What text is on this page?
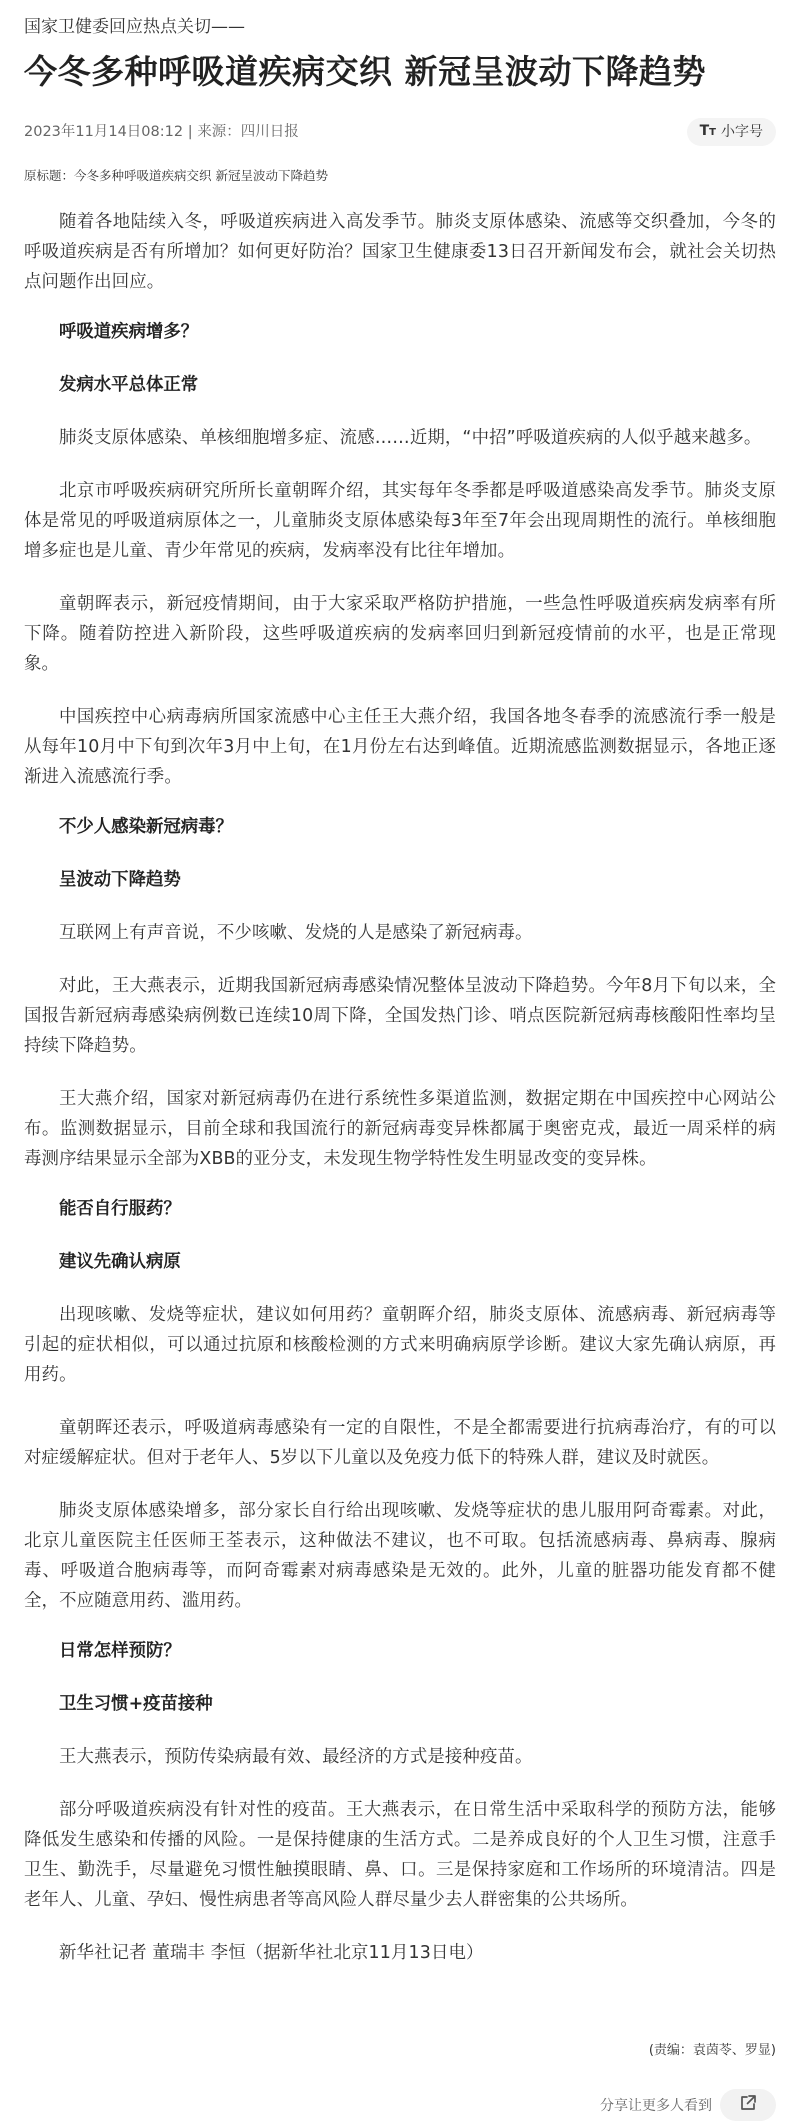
国家卫健委回应热点关切——
今冬多种呼吸道疾病交织 新冠呈波动下降趋势
2023年11月14日08:12 | 来源：四川日报	TT 小字号
原标题：今冬多种呼吸道疾病交织 新冠呈波动下降趋势

随着各地陆续入冬，呼吸道疾病进入高发季节。肺炎支原体感染、流感等交织叠加，今冬的呼吸道疾病是否有所增加？如何更好防治？国家卫生健康委13日召开新闻发布会，就社会关切热点问题作出回应。

呼吸道疾病增多？

发病水平总体正常

肺炎支原体感染、单核细胞增多症、流感……近期，“中招”呼吸道疾病的人似乎越来越多。

北京市呼吸疾病研究所所长童朝晖介绍，其实每年冬季都是呼吸道感染高发季节。肺炎支原体是常见的呼吸道病原体之一，儿童肺炎支原体感染每3年至7年会出现周期性的流行。单核细胞增多症也是儿童、青少年常见的疾病，发病率没有比往年增加。

童朝晖表示，新冠疫情期间，由于大家采取严格防护措施，一些急性呼吸道疾病发病率有所下降。随着防控进入新阶段，这些呼吸道疾病的发病率回归到新冠疫情前的水平，也是正常现象。

中国疾控中心病毒病所国家流感中心主任王大燕介绍，我国各地冬春季的流感流行季一般是从每年10月中下旬到次年3月中上旬，在1月份左右达到峰值。近期流感监测数据显示，各地正逐渐进入流感流行季。

不少人感染新冠病毒？

呈波动下降趋势

互联网上有声音说，不少咳嗽、发烧的人是感染了新冠病毒。

对此，王大燕表示，近期我国新冠病毒感染情况整体呈波动下降趋势。今年8月下旬以来，全国报告新冠病毒感染病例数已连续10周下降，全国发热门诊、哨点医院新冠病毒核酸阳性率均呈持续下降趋势。

王大燕介绍，国家对新冠病毒仍在进行系统性多渠道监测，数据定期在中国疾控中心网站公布。监测数据显示，目前全球和我国流行的新冠病毒变异株都属于奥密克戎，最近一周采样的病毒测序结果显示全部为XBB的亚分支，未发现生物学特性发生明显改变的变异株。

能否自行服药？

建议先确认病原

出现咳嗽、发烧等症状，建议如何用药？童朝晖介绍，肺炎支原体、流感病毒、新冠病毒等引起的症状相似，可以通过抗原和核酸检测的方式来明确病原学诊断。建议大家先确认病原，再用药。

童朝晖还表示，呼吸道病毒感染有一定的自限性，不是全都需要进行抗病毒治疗，有的可以对症缓解症状。但对于老年人、5岁以下儿童以及免疫力低下的特殊人群，建议及时就医。

肺炎支原体感染增多，部分家长自行给出现咳嗽、发烧等症状的患儿服用阿奇霉素。对此，北京儿童医院主任医师王荃表示，这种做法不建议，也不可取。包括流感病毒、鼻病毒、腺病毒、呼吸道合胞病毒等，而阿奇霉素对病毒感染是无效的。此外，儿童的脏器功能发育都不健全，不应随意用药、滥用药。

日常怎样预防？

卫生习惯+疫苗接种

王大燕表示，预防传染病最有效、最经济的方式是接种疫苗。

部分呼吸道疾病没有针对性的疫苗。王大燕表示，在日常生活中采取科学的预防方法，能够降低发生感染和传播的风险。一是保持健康的生活方式。二是养成良好的个人卫生习惯，注意手卫生、勤洗手，尽量避免习惯性触摸眼睛、鼻、口。三是保持家庭和工作场所的环境清洁。四是老年人、儿童、孕妇、慢性病患者等高风险人群尽量少去人群密集的公共场所。

新华社记者 董瑞丰 李恒（据新华社北京11月13日电）

(责编：袁茵苓、罗显)
分享让更多人看到
